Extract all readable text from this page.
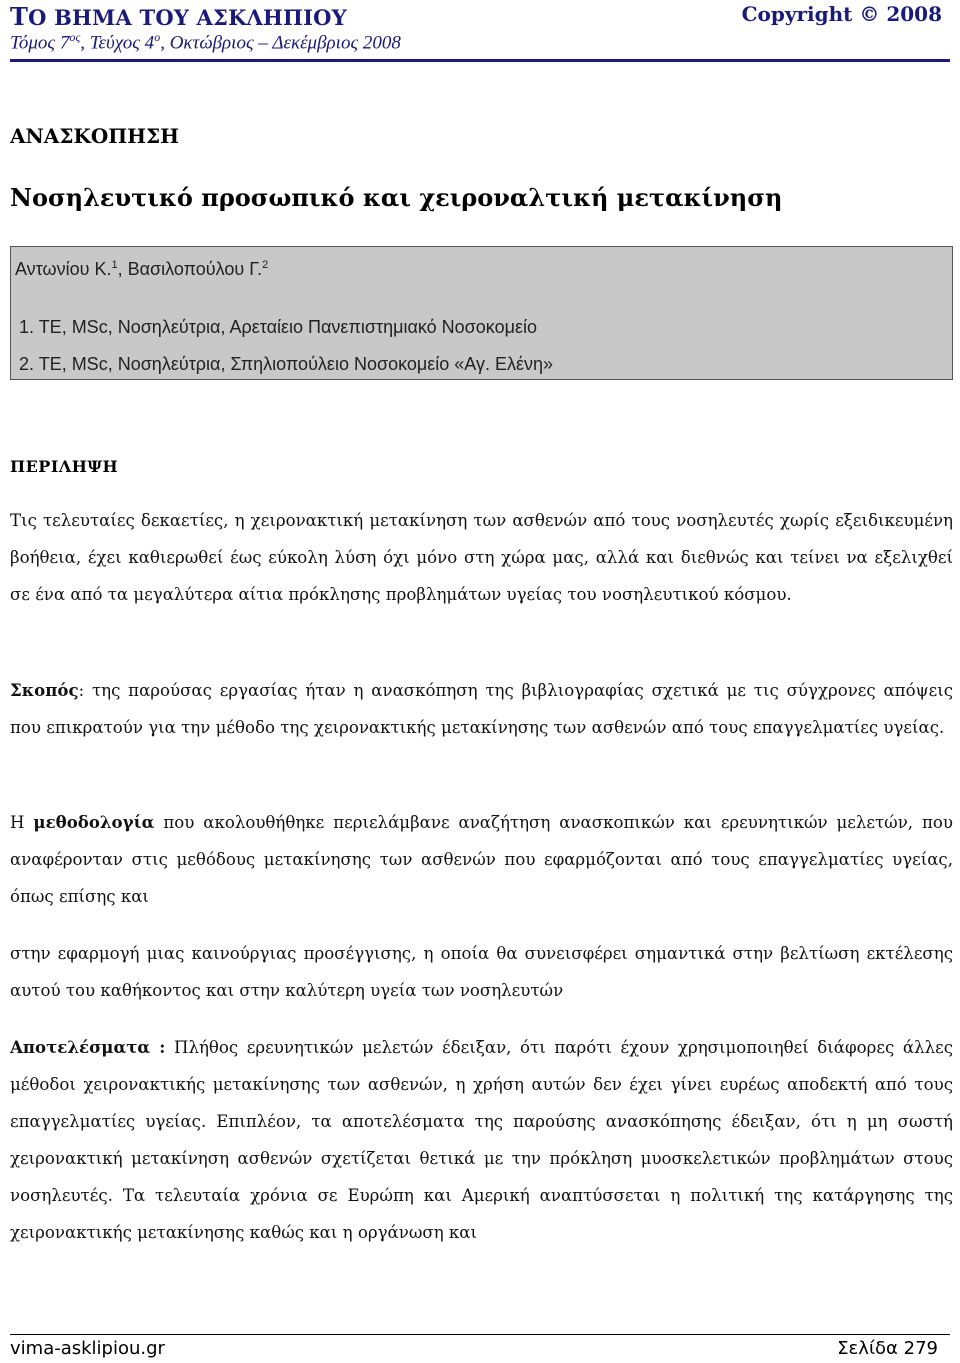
ΤΟ ΒΗΜΑ ΤΟΥ ΑΣΚΛΗΠΙΟΥ	Copyright © 2008
Τόμος $7^{o\varsigma}$, Τεύχος $4^o$, Οκτώβριος – Δεκέμβριος 2008
ΑΝΑΣΚΟΠΗΣΗ
Νοσηλευτικό προσωπικό και χειροναλτική μετακίνηση
Αντωνίου Κ.$^1$, Βασιλοπούλου Γ.$^2$
1. ΤΕ, MSc, Νοσηλεύτρια, Αρεταίειο Πανεπιστημιακό Νοσοκομείο
2. ΤΕ, MSc, Νοσηλεύτρια, Σπηλιοπούλειο Νοσοκομείο «Αγ. Ελένη»
ΠΕΡΙΛΗΨΗ
Τις τελευταίες δεκαετίες, η χειρονακτική μετακίνηση των ασθενών από τους νοσηλευτές χωρίς εξειδικευμένη βοήθεια, έχει καθιερωθεί έως εύκολη λύση όχι μόνο στη χώρα μας, αλλά και διεθνώς και τείνει να εξελιχθεί σε ένα από τα μεγαλύτερα αίτια πρόκλησης προβλημάτων υγείας του νοσηλευτικού κόσμου.
Σκοπός: της παρούσας εργασίας ήταν η ανασκόπηση της βιβλιογραφίας σχετικά με τις σύγχρονες απόψεις που επικρατούν για την μέθοδο της χειρονακτικής μετακίνησης των ασθενών από τους επαγγελματίες υγείας.
Η μεθοδολογία που ακολουθήθηκε περιελάμβανε αναζήτηση ανασκοπικών και ερευνητικών μελετών, που αναφέρονταν στις μεθόδους μετακίνησης των ασθενών που εφαρμόζονται από τους επαγγελματίες υγείας, όπως επίσης και
στην εφαρμογή μιας καινούργιας προσέγγισης, η οποία θα συνεισφέρει σημαντικά στην βελτίωση εκτέλεσης αυτού του καθήκοντος και στην καλύτερη υγεία των νοσηλευτών
Αποτελέσματα : Πλήθος ερευνητικών μελετών έδειξαν, ότι παρότι έχουν χρησιμοποιηθεί διάφορες άλλες μέθοδοι χειρονακτικής μετακίνησης των ασθενών, η χρήση αυτών δεν έχει γίνει ευρέως αποδεκτή από τους επαγγελματίες υγείας. Επιπλέον, τα αποτελέσματα της παρούσης ανασκόπησης έδειξαν, ότι η μη σωστή χειρονακτική μετακίνηση ασθενών σχετίζεται θετικά με την πρόκληση μυοσκελετικών προβλημάτων στους νοσηλευτές. Τα τελευταία χρόνια σε Ευρώπη και Αμερική αναπτύσσεται η πολιτική της κατάργησης της χειρονακτικής μετακίνησης καθώς και η οργάνωση και
vima-asklipiou.gr	Σελίδα 279
